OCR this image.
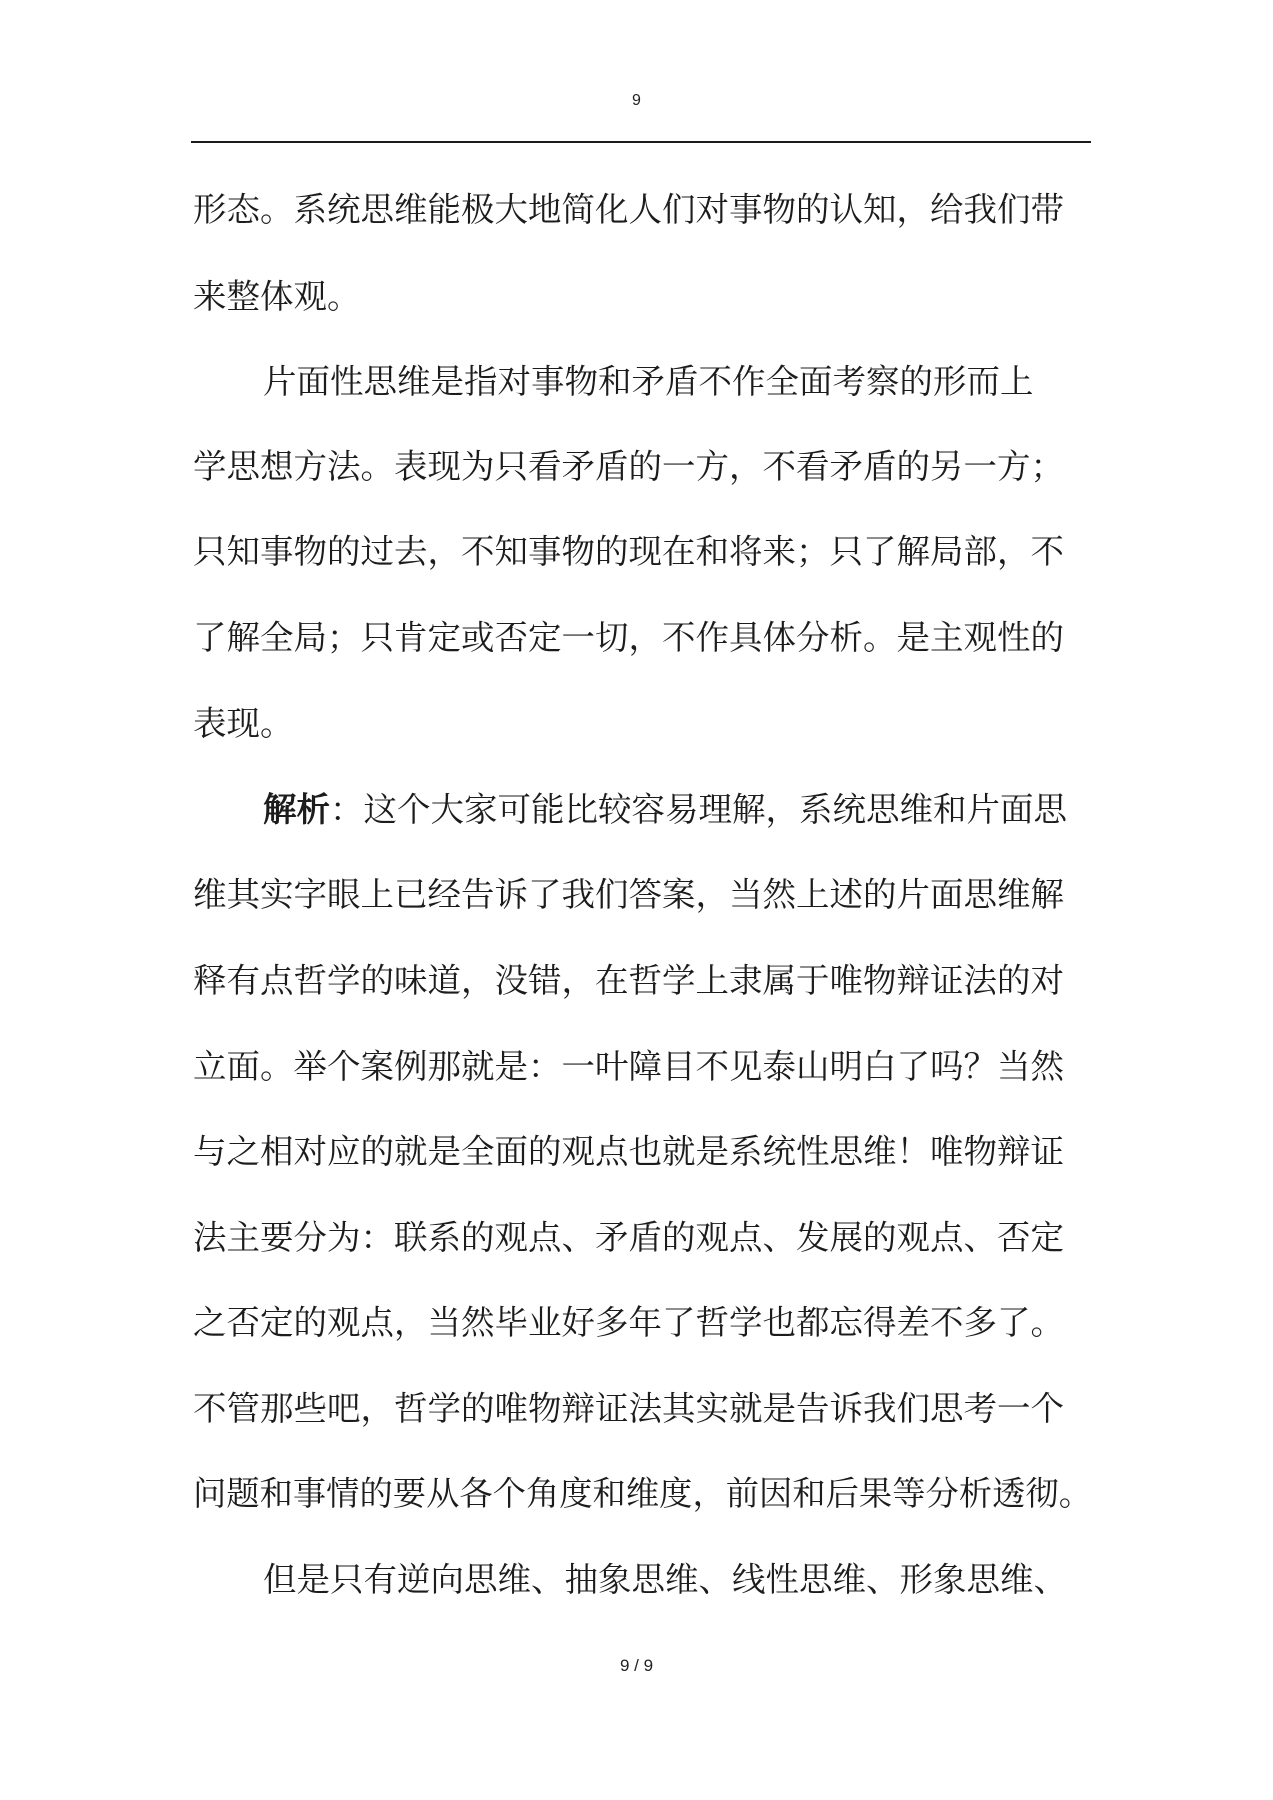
9
形态。系统思维能极大地简化人们对事物的认知，给我们带
来整体观。
片面性思维是指对事物和矛盾不作全面考察的形而上
学思想方法。表现为只看矛盾的一方，不看矛盾的另一方；
只知事物的过去，不知事物的现在和将来；只了解局部，不
了解全局；只肯定或否定一切，不作具体分析。是主观性的
表现。
解析：这个大家可能比较容易理解，系统思维和片面思
维其实字眼上已经告诉了我们答案，当然上述的片面思维解
释有点哲学的味道，没错，在哲学上隶属于唯物辩证法的对
立面。举个案例那就是：一叶障目不见泰山明白了吗？当然
与之相对应的就是全面的观点也就是系统性思维！唯物辩证
法主要分为：联系的观点、矛盾的观点、发展的观点、否定
之否定的观点，当然毕业好多年了哲学也都忘得差不多了。
不管那些吧，哲学的唯物辩证法其实就是告诉我们思考一个
问题和事情的要从各个角度和维度，前因和后果等分析透彻。
但是只有逆向思维、抽象思维、线性思维、形象思维、
9 / 9
